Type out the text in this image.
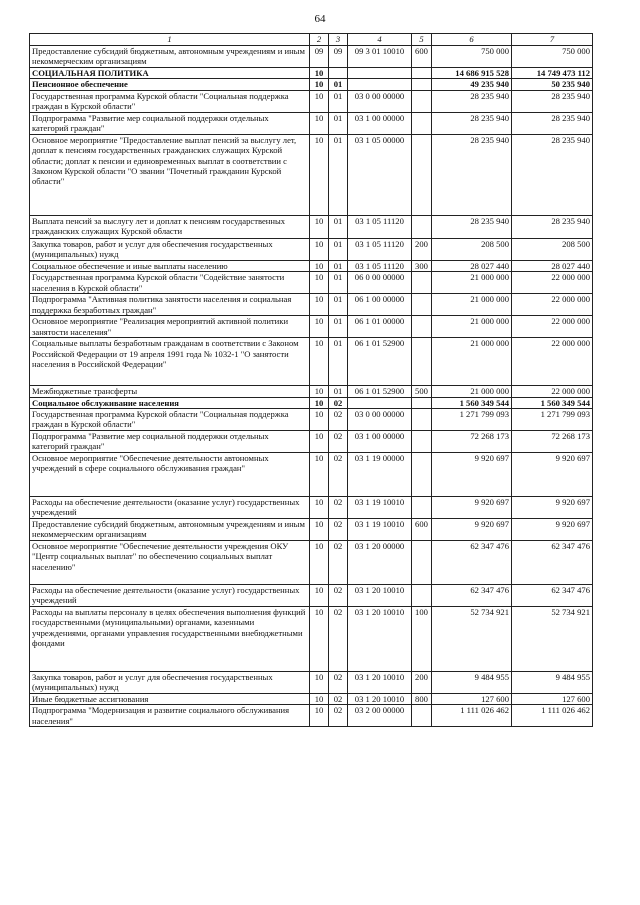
64
1	2	3	4	5	6	7
Предоставление субсидий бюджетным, автономным учреждениям и иным некоммерческим организациям	09	09	09 3 01 10010	600	750 000	750 000
СОЦИАЛЬНАЯ ПОЛИТИКА	10				14 686 915 528	14 749 473 112
Пенсионное обеспечение	10	01			49 235 940	50 235 940
Государственная программа Курской области "Социальная поддержка граждан в Курской области"	10	01	03 0 00 00000		28 235 940	28 235 940
Подпрограмма "Развитие мер социальной поддержки отдельных категорий граждан"	10	01	03 1 00 00000		28 235 940	28 235 940
Основное мероприятие "Предоставление выплат пенсий за выслугу лет, доплат к пенсиям государственных гражданских служащих Курской области; доплат к пенсии и единовременных выплат в соответствии с Законом Курской области "О звании "Почетный гражданин Курской области"	10	01	03 1 05 00000		28 235 940	28 235 940
Выплата пенсий за выслугу лет и доплат к пенсиям государственных гражданских служащих Курской области	10	01	03 1 05 11120		28 235 940	28 235 940
Закупка товаров, работ и услуг для обеспечения государственных (муниципальных) нужд	10	01	03 1 05 11120	200	208 500	208 500
Социальное обеспечение и иные выплаты населению	10	01	03 1 05 11120	300	28 027 440	28 027 440
Государственная программа Курской области "Содействие занятости населения в Курской области"	10	01	06 0 00 00000		21 000 000	22 000 000
Подпрограмма "Активная политика занятости населения и социальная поддержка безработных граждан"	10	01	06 1 00 00000		21 000 000	22 000 000
Основное мероприятие "Реализация мероприятий активной политики занятости населения"	10	01	06 1 01 00000		21 000 000	22 000 000
Социальные выплаты безработным гражданам в соответствии с Законом Российской Федерации от 19 апреля 1991 года № 1032-1 "О занятости населения в Российской Федерации"	10	01	06 1 01 52900		21 000 000	22 000 000
Межбюджетные трансферты	10	01	06 1 01 52900	500	21 000 000	22 000 000
Социальное обслуживание населения	10	02			1 560 349 544	1 560 349 544
Государственная программа Курской области "Социальная поддержка граждан в Курской области"	10	02	03 0 00 00000		1 271 799 093	1 271 799 093
Подпрограмма "Развитие мер социальной поддержки отдельных категорий граждан"	10	02	03 1 00 00000		72 268 173	72 268 173
Основное мероприятие "Обеспечение деятельности автономных учреждений в сфере социального обслуживания граждан"	10	02	03 1 19 00000		9 920 697	9 920 697
Расходы на обеспечение деятельности (оказание услуг) государственных учреждений	10	02	03 1 19 10010		9 920 697	9 920 697
Предоставление субсидий бюджетным, автономным учреждениям и иным некоммерческим организациям	10	02	03 1 19 10010	600	9 920 697	9 920 697
Основное мероприятие "Обеспечение деятельности учреждения ОКУ "Центр социальных выплат" по обеспечению социальных выплат населению"	10	02	03 1 20 00000		62 347 476	62 347 476
Расходы на обеспечение деятельности (оказание услуг) государственных учреждений	10	02	03 1 20 10010		62 347 476	62 347 476
Расходы на выплаты персоналу в целях обеспечения выполнения функций государственными (муниципальными) органами, казенными учреждениями, органами управления государственными внебюджетными фондами	10	02	03 1 20 10010	100	52 734 921	52 734 921
Закупка товаров, работ и услуг для обеспечения государственных (муниципальных) нужд	10	02	03 1 20 10010	200	9 484 955	9 484 955
Иные бюджетные ассигнования	10	02	03 1 20 10010	800	127 600	127 600
Подпрограмма "Модернизация и развитие социального обслуживания населения"	10	02	03 2 00 00000		1 111 026 462	1 111 026 462
